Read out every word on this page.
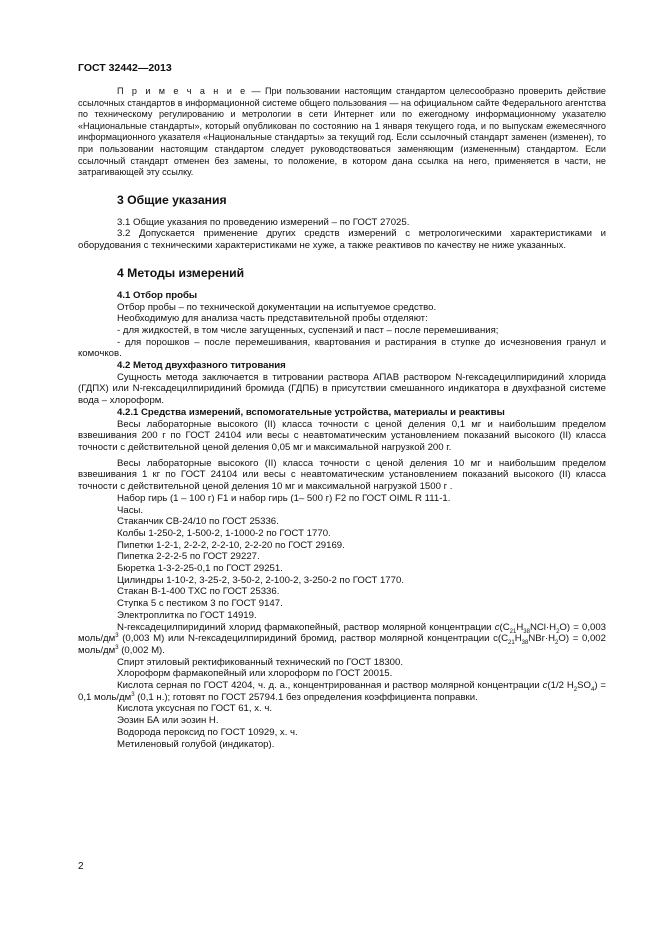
ГОСТ 32442—2013

П р и м е ч а н и е — При пользовании настоящим стандартом целесообразно проверить действие ссылочных стандартов в информационной системе общего пользования — на официальном сайте Федерального агентства по техническому регулированию и метрологии в сети Интернет или по ежегодному информационному указателю «Национальные стандарты», который опубликован по состоянию на 1 января текущего года, и по выпускам ежемесячного информационного указателя «Национальные стандарты» за текущий год. Если ссылочный стандарт заменен (изменен), то при пользовании настоящим стандартом следует руководствоваться заменяющим (измененным) стандартом. Если ссылочный стандарт отменен без замены, то положение, в котором дана ссылка на него, применяется в части, не затрагивающей эту ссылку.

3 Общие указания

3.1 Общие указания по проведению измерений – по ГОСТ 27025.

3.2 Допускается применение других средств измерений с метрологическими характеристиками и оборудования с техническими характеристиками не хуже, а также реактивов по качеству не ниже указанных.

4 Методы измерений

4.1 Отбор пробы

Отбор пробы – по технической документации на испытуемое средство.

Необходимую для анализа часть представительной пробы отделяют:

- для жидкостей, в том числе загущенных, суспензий и паст – после перемешивания;

- для порошков – после перемешивания, квартования и растирания в ступке до исчезновения гранул и комочков.

4.2 Метод двухфазного титрования

Сущность метода заключается в титровании раствора АПАВ раствором N-гексадецилпиридиний хлорида (ГДПХ) или N-гексадецилпиридиний бромида (ГДПБ) в присутствии смешанного индикатора в двухфазной системе вода – хлороформ.

4.2.1 Средства измерений, вспомогательные устройства, материалы и реактивы

Весы лабораторные высокого (II) класса точности с ценой деления 0,1 мг и наибольшим пределом взвешивания 200 г по ГОСТ 24104 или весы с неавтоматическим установлением показаний высокого (II) класса точности с действительной ценой деления 0,05 мг и максимальной нагрузкой 200 г.

Весы лабораторные высокого (II) класса точности с ценой деления 10 мг и наибольшим пределом взвешивания 1 кг по ГОСТ 24104 или весы с неавтоматическим установлением показаний высокого (II) класса точности с действительной ценой деления 10 мг и максимальной нагрузкой 1500 г .

Набор гирь (1 – 100 г) F1 и набор гирь (1– 500 г) F2 по ГОСТ OIML R 111-1.

Часы.

Стаканчик СВ-24/10 по ГОСТ 25336.

Колбы 1-250-2, 1-500-2, 1-1000-2 по ГОСТ 1770.

Пипетки 1-2-1, 2-2-2, 2-2-10, 2-2-20 по ГОСТ 29169.

Пипетка 2-2-2-5 по ГОСТ 29227.

Бюретка 1-3-2-25-0,1 по ГОСТ 29251.

Цилиндры 1-10-2, 3-25-2, 3-50-2, 2-100-2, 3-250-2 по ГОСТ 1770.

Стакан В-1-400 ТХС по ГОСТ 25336.

Ступка 5 с пестиком 3 по ГОСТ 9147.

Электроплитка по ГОСТ 14919.

N-гексадецилпиридиний хлорид фармакопейный, раствор молярной концентрации $c(C_{21}H_{38}NCl\cdot H_2O) = 0,003$ моль/$дм^3$ (0,003 М) или N-гексадецилпиридиний бромид, раствор молярной концентрации $c(C_{21}H_{38}NBr\cdot H_2O) = 0,002$ моль/$дм^3$ (0,002 М).

Спирт этиловый ректификованный технический по ГОСТ 18300.

Хлороформ фармакопейный или хлороформ по ГОСТ 20015.

Кислота серная по ГОСТ 4204, ч. д. а., концентрированная и раствор молярной концентрации c(1/2 $H_2SO_4) = 0,1$ моль/$дм^3$ (0,1 н.); готовят по ГОСТ 25794.1 без определения коэффициента поправки.

Кислота уксусная по ГОСТ 61, х. ч.

Эозин БА или эозин Н.

Водорода пероксид по ГОСТ 10929, х. ч.

Метиленовый голубой (индикатор).

2
